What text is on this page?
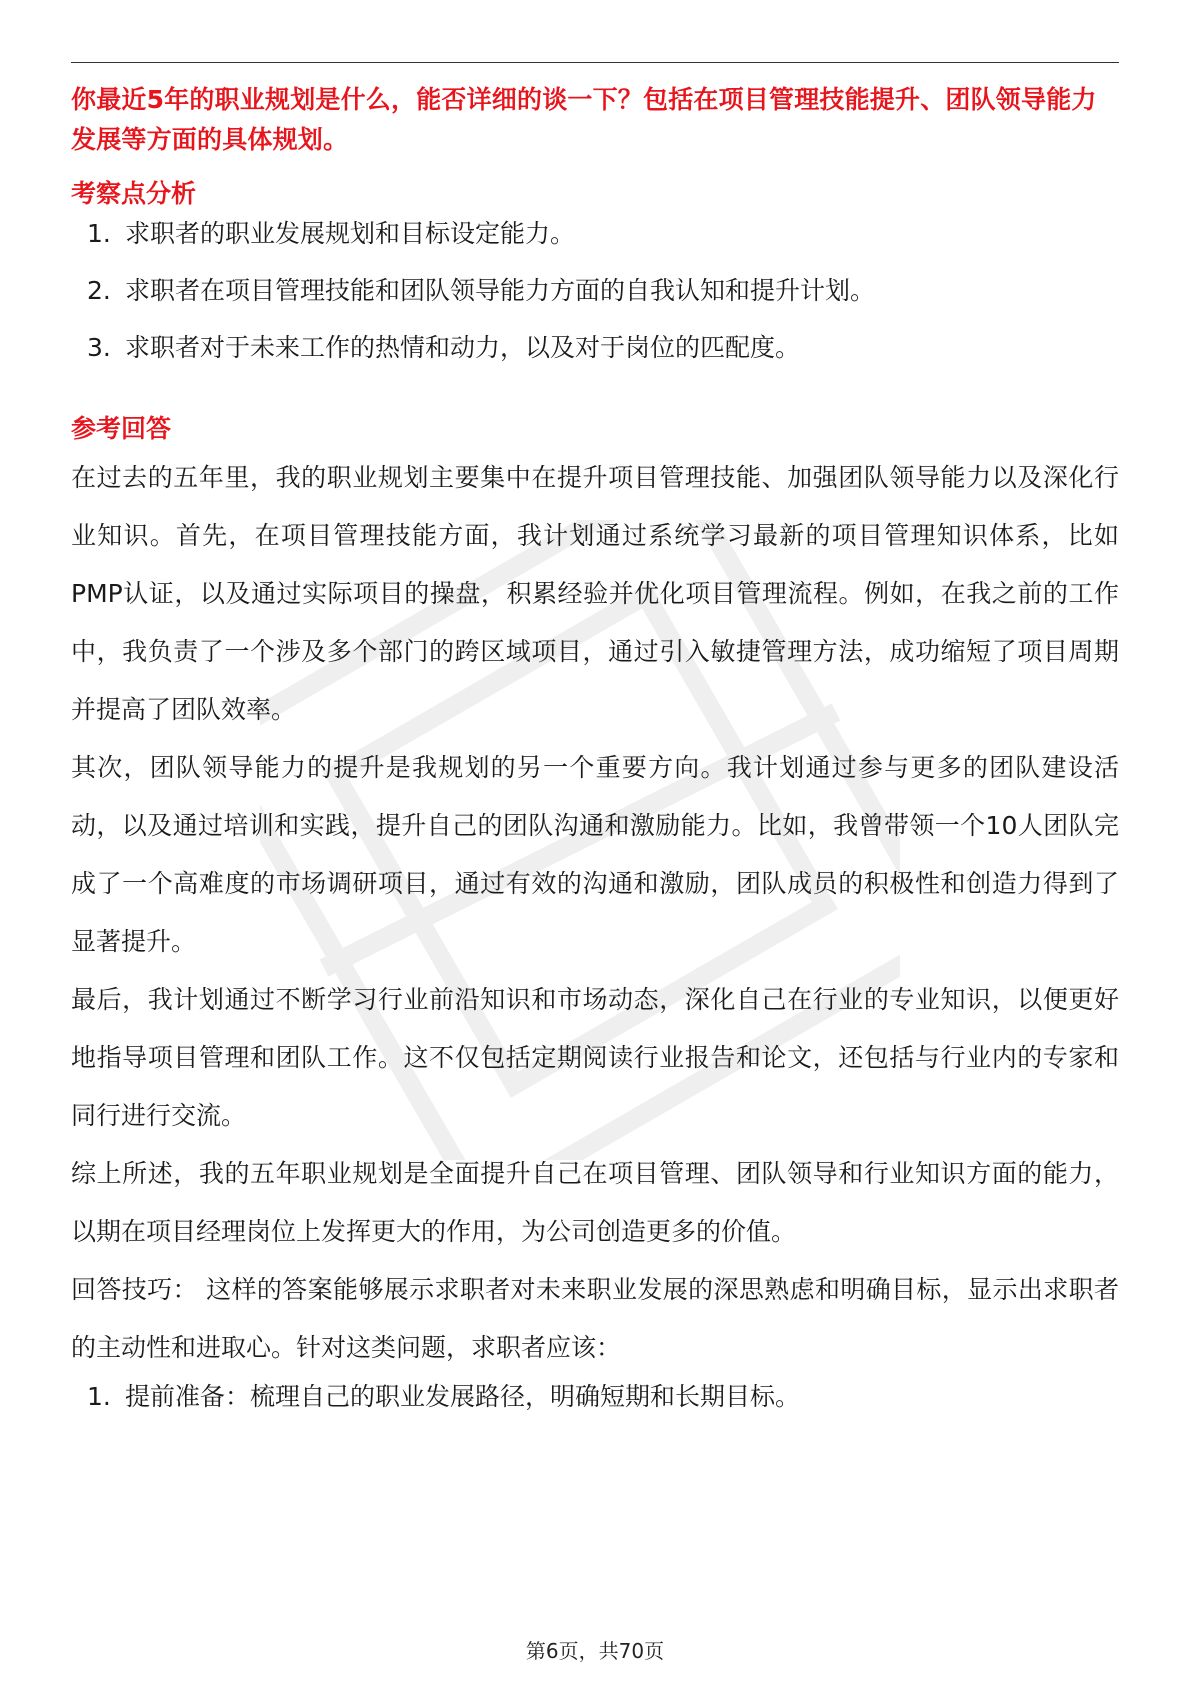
你最近5年的职业规划是什么，能否详细的谈一下？包括在项目管理技能提升、团队领导能力发展等方面的具体规划。
考察点分析
1. 求职者的职业发展规划和目标设定能力。
2. 求职者在项目管理技能和团队领导能力方面的自我认知和提升计划。
3. 求职者对于未来工作的热情和动力，以及对于岗位的匹配度。
参考回答

在过去的五年里，我的职业规划主要集中在提升项目管理技能、加强团队领导能力以及深化行业知识。首先，在项目管理技能方面，我计划通过系统学习最新的项目管理知识体系，比如PMP认证，以及通过实际项目的操盘，积累经验并优化项目管理流程。例如，在我之前的工作中，我负责了一个涉及多个部门的跨区域项目，通过引入敏捷管理方法，成功缩短了项目周期并提高了团队效率。

其次，团队领导能力的提升是我规划的另一个重要方向。我计划通过参与更多的团队建设活动，以及通过培训和实践，提升自己的团队沟通和激励能力。比如，我曾带领一个10人团队完成了一个高难度的市场调研项目，通过有效的沟通和激励，团队成员的积极性和创造力得到了显著提升。

最后，我计划通过不断学习行业前沿知识和市场动态，深化自己在行业的专业知识，以便更好地指导项目管理和团队工作。这不仅包括定期阅读行业报告和论文，还包括与行业内的专家和同行进行交流。

综上所述，我的五年职业规划是全面提升自己在项目管理、团队领导和行业知识方面的能力，以期在项目经理岗位上发挥更大的作用，为公司创造更多的价值。

回答技巧： 这样的答案能够展示求职者对未来职业发展的深思熟虑和明确目标，显示出求职者的主动性和进取心。针对这类问题，求职者应该：

1. 提前准备：梳理自己的职业发展路径，明确短期和长期目标。
第6页，共70页
